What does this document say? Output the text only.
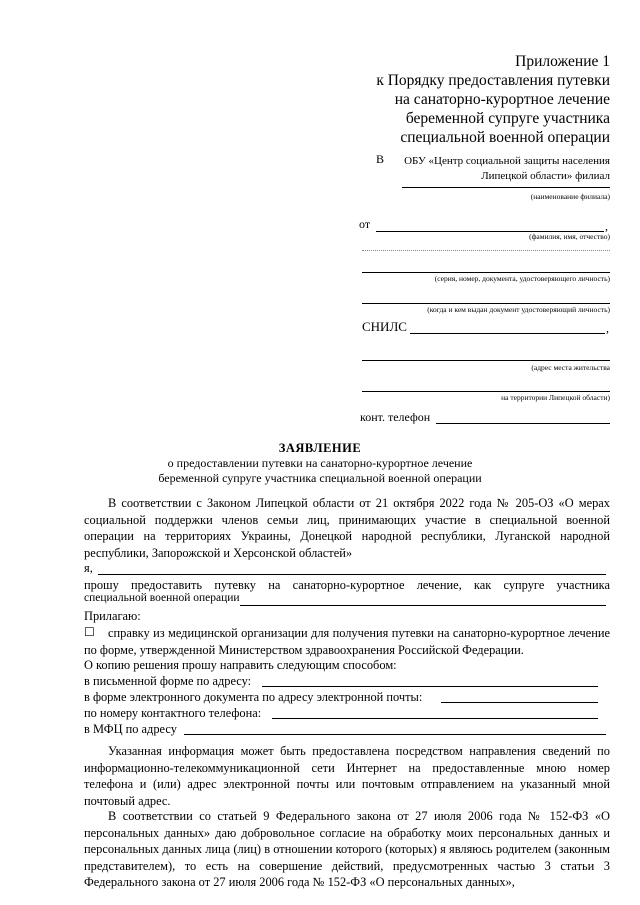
Приложение 1
к Порядку предоставления путевки
на санаторно-курортное лечение
беременной супруге участника
специальной военной операции
В ОБУ «Центр социальной защиты населения
Липецкой области» филиал
(наименование филиала)
от	,
(фамилия, имя, отчество)
(серия, номер, документа, удостоверяющего личность)
(когда и кем выдан документ удостоверяющий личность)
СНИЛС	,
(адрес места жительства
на территории Липецкой области)
конт. телефон
ЗАЯВЛЕНИЕ
о предоставлении путевки на санаторно-курортное лечение
беременной супруге участника специальной военной операции
В соответствии с Законом Липецкой области от 21 октября 2022 года № 205-ОЗ «О мерах социальной поддержки членов семьи лиц, принимающих участие в специальной военной операции на территориях Украины, Донецкой народной республики, Луганской народной республики, Запорожской и Херсонской областей»
я,
прошу предоставить путевку на санаторно-курортное лечение, как супруге участника
специальной военной операции
Прилагаю:
☐	справку из медицинской организации для получения путевки на санаторно-курортное лечение по форме, утвержденной Министерством здравоохранения Российской Федерации.
О копию решения прошу направить следующим способом:
в письменной форме по адресу:
в форме электронного документа по адресу электронной почты:
по номеру контактного телефона:
в МФЦ по адресу
Указанная информация может быть предоставлена посредством направления сведений по информационно-телекоммуникационной сети Интернет на предоставленные мною номер телефона и (или) адрес электронной почты или почтовым отправлением на указанный мной почтовый адрес.
В соответствии со статьей 9 Федерального закона от 27 июля 2006 года № 152-ФЗ «О персональных данных» даю добровольное согласие на обработку моих персональных данных и персональных данных лица (лиц) в отношении которого (которых) я являюсь родителем (законным представителем), то есть на совершение действий, предусмотренных частью 3 статьи 3 Федерального закона от 27 июля 2006 года № 152-ФЗ «О персональных данных»,
